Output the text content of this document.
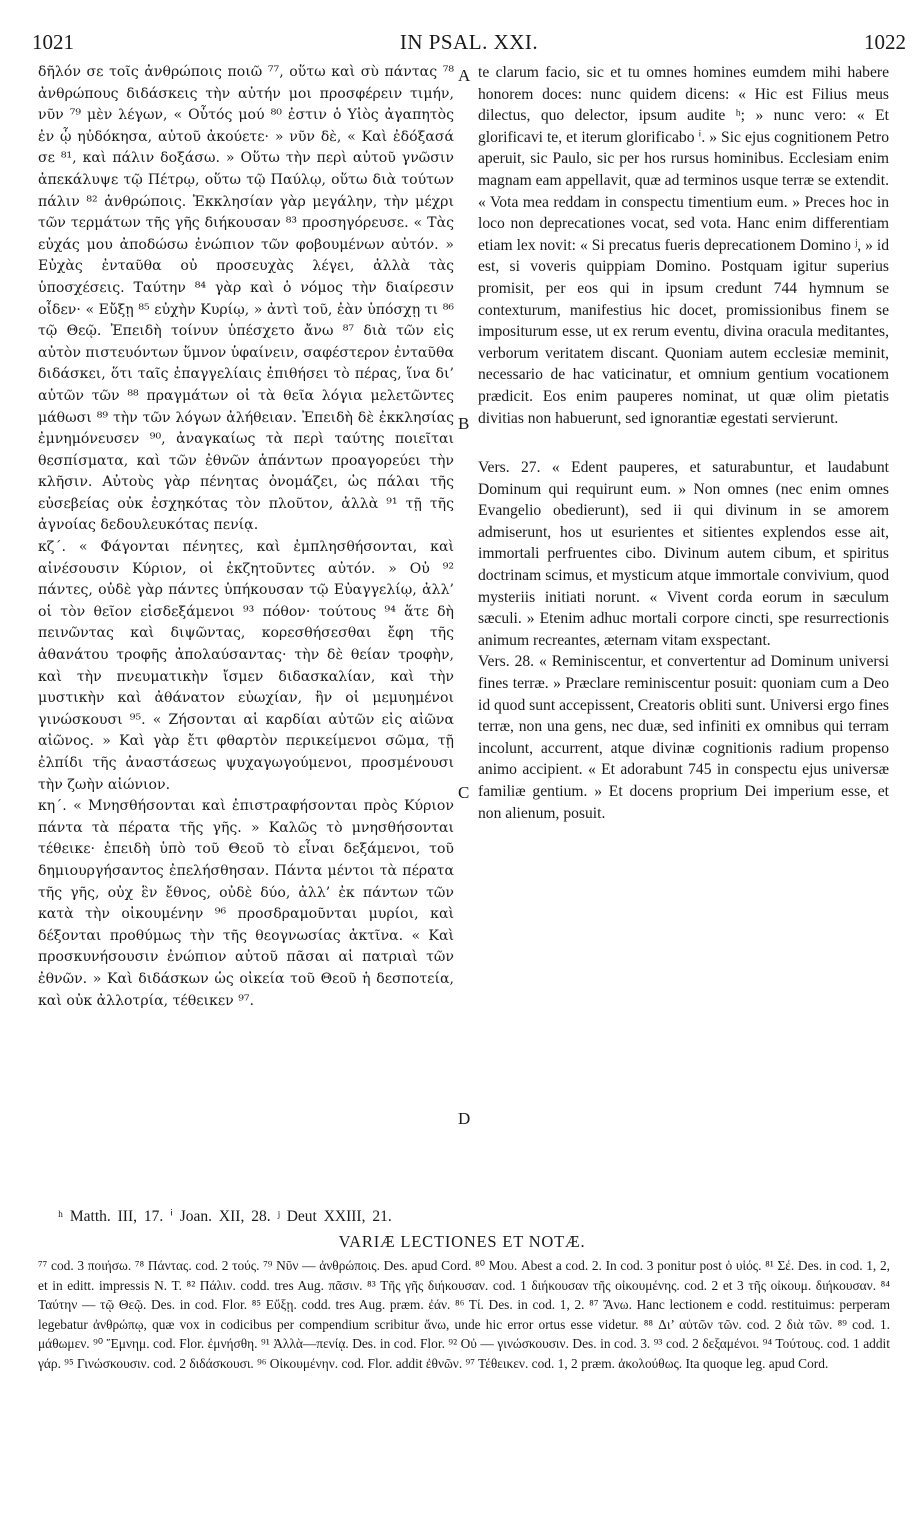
1021	IN PSAL. XXI.	1022

δῆλόν σε τοῖς ἀνθρώποις ποιῶ ⁷⁷, οὕτω καὶ σὺ πάντας ⁷⁸ ἀνθρώπους διδάσκεις τὴν αὐτήν μοι προσφέρειν τιμήν, νῦν ⁷⁹ μὲν λέγων, « Οὗτός μού ⁸⁰ ἐστιν ὁ Υἱὸς ἀγαπητὸς ἐν ᾧ ηὐδόκησα, αὐτοῦ ἀκούετε· » νῦν δὲ, « Καὶ ἐδόξασά σε ⁸¹, καὶ πάλιν δοξάσω. » Οὕτω τὴν περὶ αὐτοῦ γνῶσιν ἀπεκάλυψε τῷ Πέτρῳ, οὕτω τῷ Παύλῳ, οὕτω διὰ τούτων πάλιν ⁸² ἀνθρώποις. Ἐκκλησίαν γὰρ μεγάλην, τὴν μέχρι τῶν τερμάτων τῆς γῆς διήκουσαν ⁸³ προσηγόρευσε. « Τὰς εὐχάς μου ἀποδώσω ἐνώπιον τῶν φοβουμένων αὐτόν. » Εὐχὰς ἐνταῦθα οὐ προσευχὰς λέγει, ἀλλὰ τὰς ὑποσχέσεις. Ταύτην ⁸⁴ γὰρ καὶ ὁ νόμος τὴν διαίρεσιν οἶδεν· « Εὔξῃ ⁸⁵ εὐχὴν Κυρίῳ, » ἀντὶ τοῦ, ἐὰν ὑπόσχῃ τι ⁸⁶ τῷ Θεῷ. Ἐπειδὴ τοίνυν ὑπέσχετο ἄνω ⁸⁷ διὰ τῶν εἰς αὐτὸν πιστευόντων ὕμνον ὑφαίνειν, σαφέστερον ἐνταῦθα διδάσκει, ὅτι ταῖς ἐπαγγελίαις ἐπιθήσει τὸ πέρας, ἵνα δι’ αὐτῶν τῶν ⁸⁸ πραγμάτων οἱ τὰ θεῖα λόγια μελετῶντες μάθωσι ⁸⁹ τὴν τῶν λόγων ἀλήθειαν. Ἐπειδὴ δὲ ἐκκλησίας ἐμνημόνευσεν ⁹⁰, ἀναγκαίως τὰ περὶ ταύτης ποιεῖται θεσπίσματα, καὶ τῶν ἐθνῶν ἁπάντων προαγορεύει τὴν κλῆσιν. Αὐτοὺς γὰρ πένητας ὀνομάζει, ὡς πάλαι τῆς εὐσεβείας οὐκ ἐσχηκότας τὸν πλοῦτον, ἀλλὰ ⁹¹ τῇ τῆς ἀγνοίας δεδουλευκότας πενίᾳ.

κζ΄. « Φάγονται πένητες, καὶ ἐμπλησθήσονται, καὶ αἰνέσουσιν Κύριον, οἱ ἐκζητοῦντες αὐτόν. » Οὐ ⁹² πάντες, οὐδὲ γὰρ πάντες ὑπήκουσαν τῷ Εὐαγγελίῳ, ἀλλ’ οἱ τὸν θεῖον εἰσδεξάμενοι ⁹³ πόθον· τούτους ⁹⁴ ἅτε δὴ πεινῶντας καὶ διψῶντας, κορεσθήσεσθαι ἔφη τῆς ἀθανάτου τροφῆς ἀπολαύσαντας· τὴν δὲ θείαν τροφὴν, καὶ τὴν πνευματικὴν ἴσμεν διδασκαλίαν, καὶ τὴν μυστικὴν καὶ ἀθάνατον εὐωχίαν, ἣν οἱ μεμυημένοι γινώσκουσι ⁹⁵. « Ζήσονται αἱ καρδίαι αὐτῶν εἰς αἰῶνα αἰῶνος. » Καὶ γὰρ ἔτι φθαρτὸν περικείμενοι σῶμα, τῇ ἐλπίδι τῆς ἀναστάσεως ψυχαγωγούμενοι, προσμένουσι τὴν ζωὴν αἰώνιον.

κη΄. « Μνησθήσονται καὶ ἐπιστραφήσονται πρὸς Κύριον πάντα τὰ πέρατα τῆς γῆς. » Καλῶς τὸ μνησθήσονται τέθεικε· ἐπειδὴ ὑπὸ τοῦ Θεοῦ τὸ εἶναι δεξάμενοι, τοῦ δημιουργήσαντος ἐπελήσθησαν. Πάντα μέντοι τὰ πέρατα τῆς γῆς, οὐχ ἓν ἔθνος, οὐδὲ δύο, ἀλλ’ ἐκ πάντων τῶν κατὰ τὴν οἰκουμένην ⁹⁶ προσδραμοῦνται μυρίοι, καὶ δέξονται προθύμως τὴν τῆς θεογνωσίας ἀκτῖνα. « Καὶ προσκυνήσουσιν ἐνώπιον αὐτοῦ πᾶσαι αἱ πατριαὶ τῶν ἐθνῶν. » Καὶ διδάσκων ὡς οἰκεία τοῦ Θεοῦ ἡ δεσποτεία, καὶ οὐκ ἀλλοτρία, τέθεικεν ⁹⁷.

A
B
C
D

te clarum facio, sic et tu omnes homines eumdem mihi habere honorem doces: nunc quidem dicens: « Hic est Filius meus dilectus, quo delector, ipsum audite ʰ; » nunc vero: « Et glorificavi te, et iterum glorificabo ⁱ. » Sic ejus cognitionem Petro aperuit, sic Paulo, sic per hos rursus hominibus. Ecclesiam enim magnam eam appellavit, quæ ad terminos usque terræ se extendit. « Vota mea reddam in conspectu timentium eum. » Preces hoc in loco non deprecationes vocat, sed vota. Hanc enim differentiam etiam lex novit: « Si precatus fueris deprecationem Domino ʲ, » id est, si voveris quippiam Domino. Postquam igitur superius promisit, per eos qui in ipsum credunt 744 hymnum se contexturum, manifestius hic docet, promissionibus finem se impositurum esse, ut ex rerum eventu, divina oracula meditantes, verborum veritatem discant. Quoniam autem ecclesiæ meminit, necessario de hac vaticinatur, et omnium gentium vocationem prædicit. Eos enim pauperes nominat, ut quæ olim pietatis divitias non habuerunt, sed ignorantiæ egestati servierunt.

Vers. 27. « Edent pauperes, et saturabuntur, et laudabunt Dominum qui requirunt eum. » Non omnes (nec enim omnes Evangelio obedierunt), sed ii qui divinum in se amorem admiserunt, hos ut esurientes et sitientes explendos esse ait, immortali perfruentes cibo. Divinum autem cibum, et spiritus doctrinam scimus, et mysticum atque immortale convivium, quod mysteriis initiati norunt. « Vivent corda eorum in sæculum sæculi. » Etenim adhuc mortali corpore cincti, spe resurrectionis animum recreantes, æternam vitam exspectant.

Vers. 28. « Reminiscentur, et convertentur ad Dominum universi fines terræ. » Præclare reminiscentur posuit: quoniam cum a Deo id quod sunt accepissent, Creatoris obliti sunt. Universi ergo fines terræ, non una gens, nec duæ, sed infiniti ex omnibus qui terram incolunt, accurrent, atque divinæ cognitionis radium propenso animo accipient. « Et adorabunt 745 in conspectu ejus universæ familiæ gentium. » Et docens proprium Dei imperium esse, et non alienum, posuit.

ʰ Matth. III, 17. ⁱ Joan. XII, 28. ʲ Deut XXIII, 21.
VARIÆ LECTIONES ET NOTÆ.

⁷⁷ cod. 3 ποιήσω. ⁷⁸ Πάντας. cod. 2 τούς. ⁷⁹ Νῦν — ἀνθρώποις. Des. apud Cord. ⁸⁰ Μου. Abest a cod. 2. In cod. 3 ponitur post ὁ υἱός. ⁸¹ Σέ. Des. in cod. 1, 2, et in editt. impressis N. T. ⁸² Πάλιν. codd. tres Aug. πᾶσιν. ⁸³ Τῆς γῆς διήκουσαν. cod. 1 διήκουσαν τῆς οἰκουμένης. cod. 2 et 3 τῆς οἰκουμ. διήκουσαν. ⁸⁴ Ταύτην — τῷ Θεῷ. Des. in cod. Flor. ⁸⁵ Εὔξῃ. codd. tres Aug. præm. ἐάν. ⁸⁶ Τί. Des. in cod. 1, 2. ⁸⁷ Ἄνω. Hanc lectionem e codd. restituimus: perperam legebatur ἀνθρώπῳ, quæ vox in codicibus per compendium scribitur ἄνω, unde hic error ortus esse videtur. ⁸⁸ Δι’ αὐτῶν τῶν. cod. 2 διὰ τῶν. ⁸⁹ cod. 1. μάθωμεν. ⁹⁰ Ἔμνημ. cod. Flor. ἐμνήσθη. ⁹¹ Ἀλλὰ—πενίᾳ. Des. in cod. Flor. ⁹² Οὐ — γινώσκουσιν. Des. in cod. 3. ⁹³ cod. 2 δεξαμένοι. ⁹⁴ Τούτους. cod. 1 addit γάρ. ⁹⁵ Γινώσκουσιν. cod. 2 διδάσκουσι. ⁹⁶ Οἰκουμένην. cod. Flor. addit ἐθνῶν. ⁹⁷ Τέθεικεν. cod. 1, 2 præm. ἀκολούθως. Ita quoque leg. apud Cord.
